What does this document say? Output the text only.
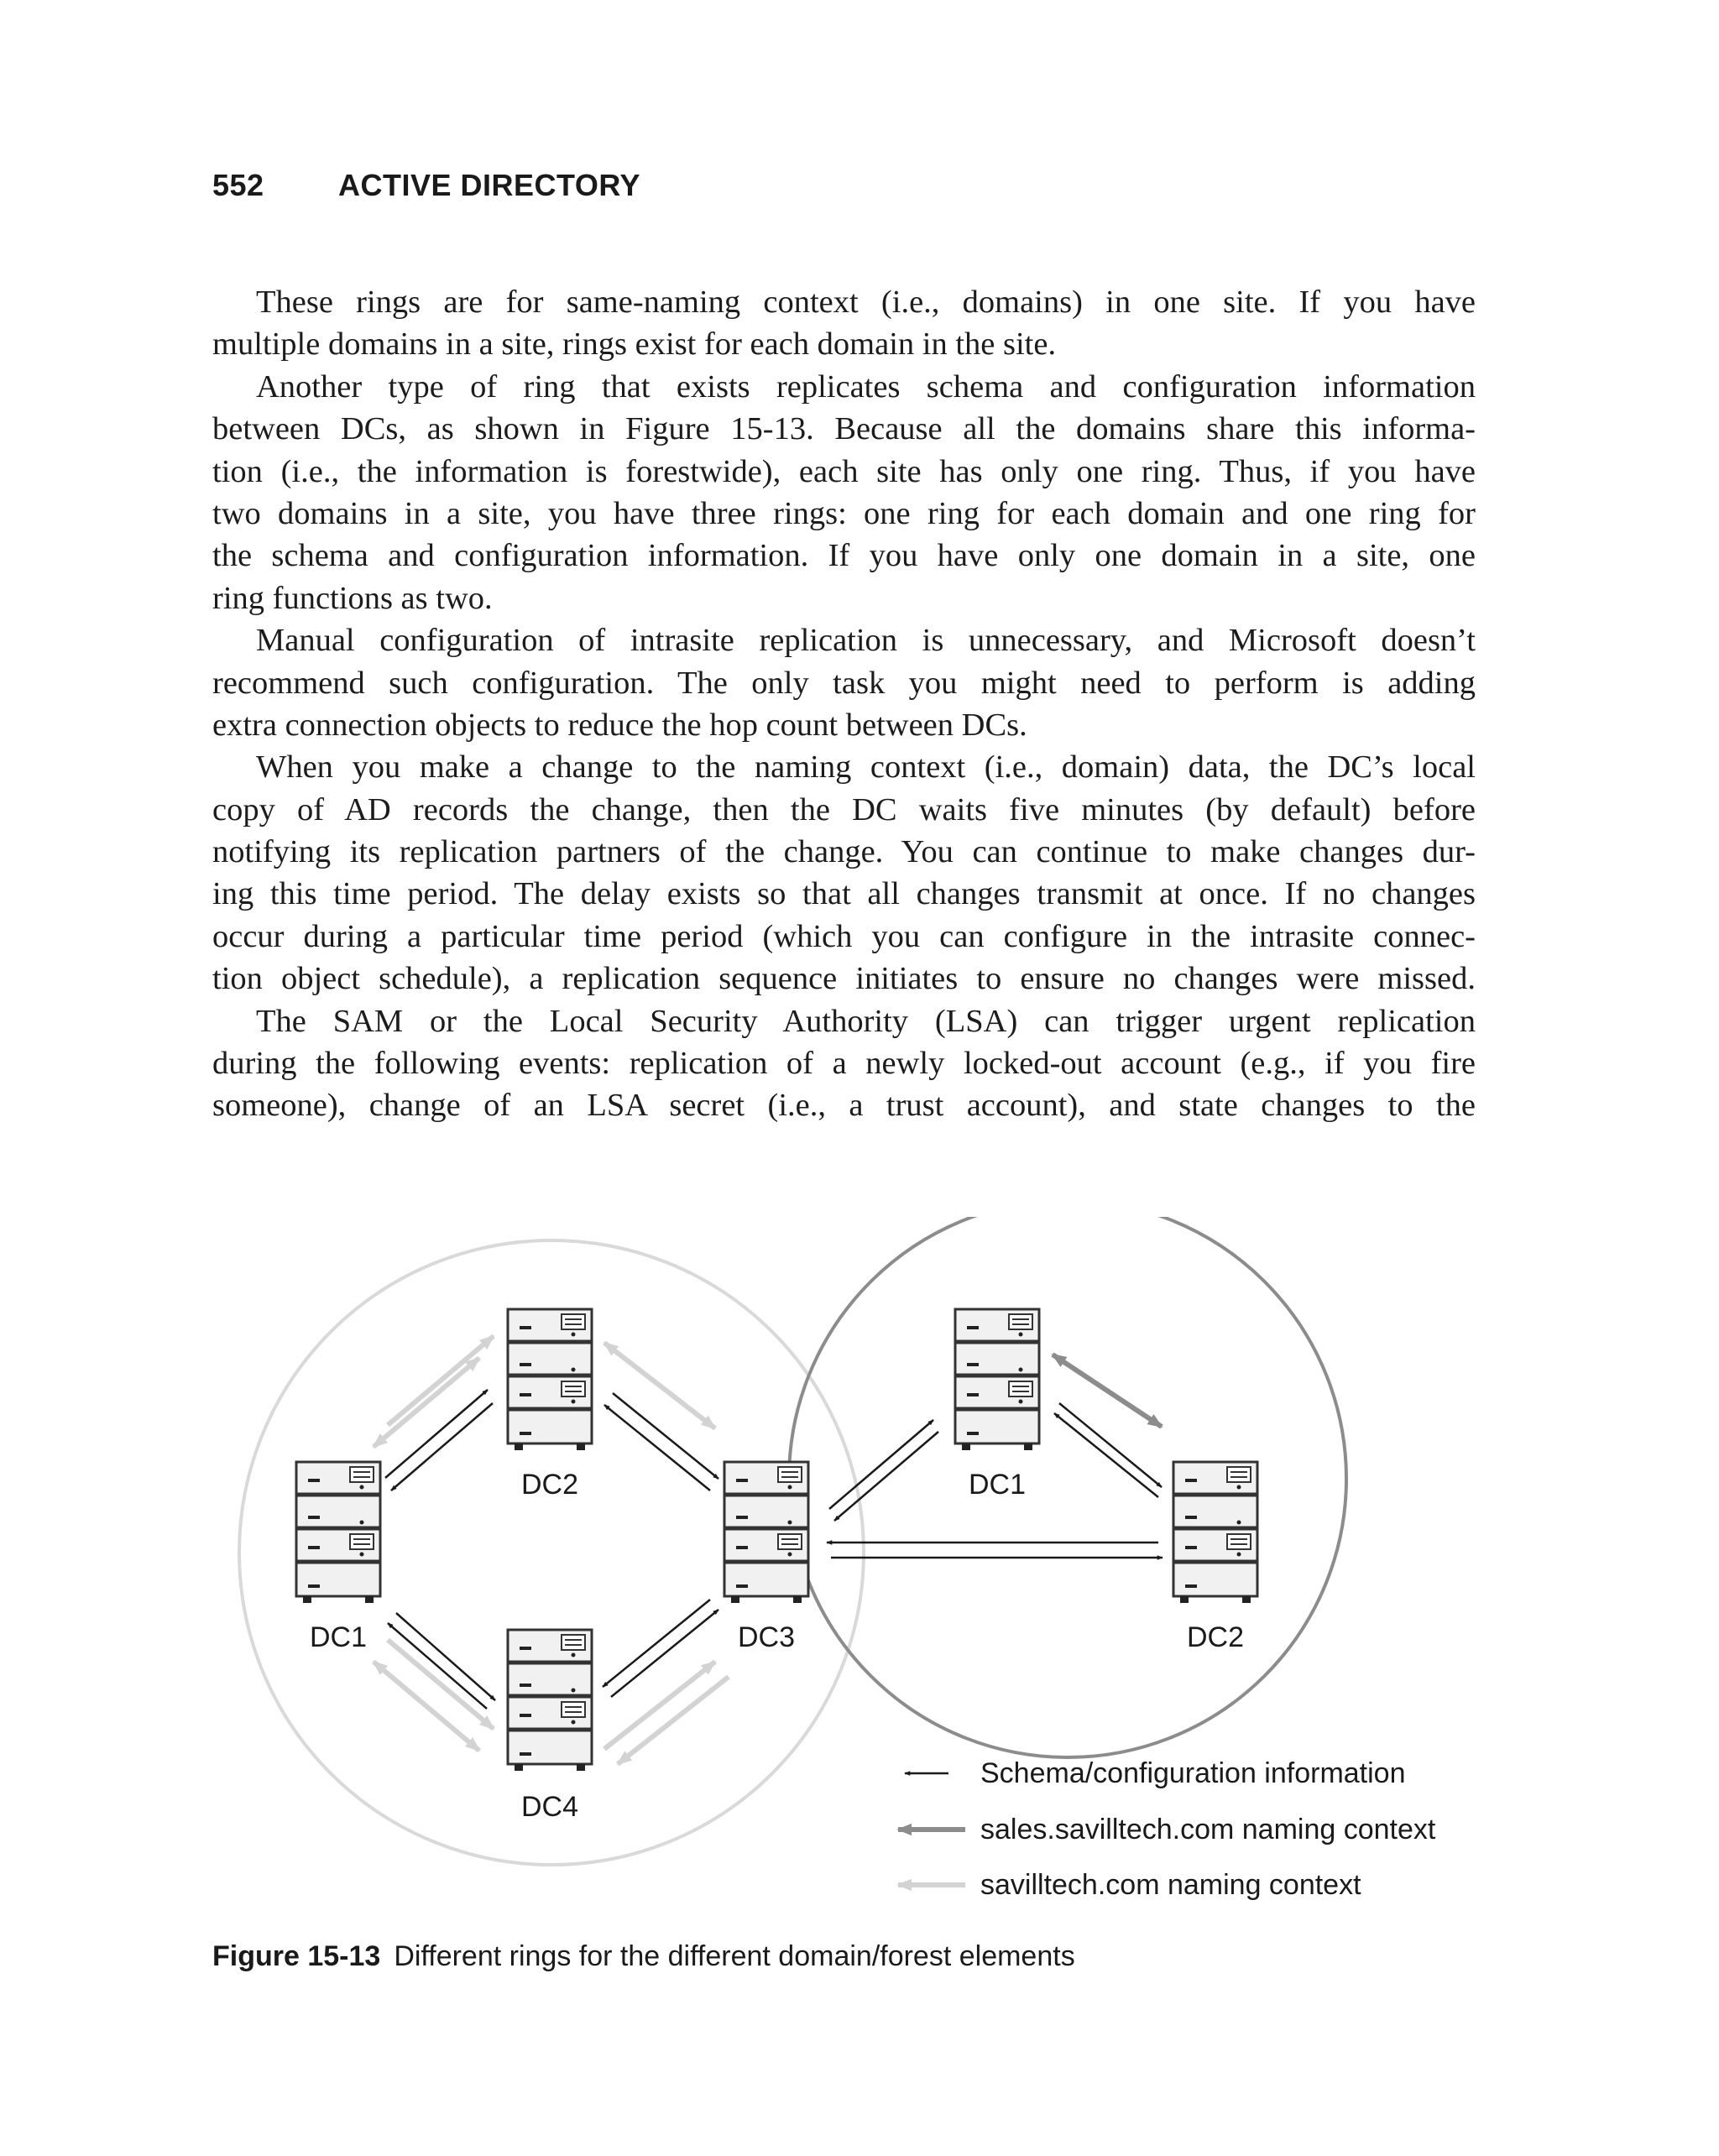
552 ACTIVE DIRECTORY
These rings are for same-naming context (i.e., domains) in one site. If you have
multiple domains in a site, rings exist for each domain in the site.
Another type of ring that exists replicates schema and configuration information
between DCs, as shown in Figure 15-13. Because all the domains share this informa-
tion (i.e., the information is forestwide), each site has only one ring. Thus, if you have
two domains in a site, you have three rings: one ring for each domain and one ring for
the schema and configuration information. If you have only one domain in a site, one
ring functions as two.
Manual configuration of intrasite replication is unnecessary, and Microsoft doesn’t
recommend such configuration. The only task you might need to perform is adding
extra connection objects to reduce the hop count between DCs.
When you make a change to the naming context (i.e., domain) data, the DC’s local
copy of AD records the change, then the DC waits five minutes (by default) before
notifying its replication partners of the change. You can continue to make changes dur-
ing this time period. The delay exists so that all changes transmit at once. If no changes
occur during a particular time period (which you can configure in the intrasite connec-
tion object schedule), a replication sequence initiates to ensure no changes were missed.
The SAM or the Local Security Authority (LSA) can trigger urgent replication
during the following events: replication of a newly locked-out account (e.g., if you fire
someone), change of an LSA secret (i.e., a trust account), and state changes to the
DC1
DC2
DC3
DC4
DC1
DC2
Schema/configuration information
sales.savilltech.com naming context
savilltech.com naming context
Figure 15-13 Different rings for the different domain/forest elements
